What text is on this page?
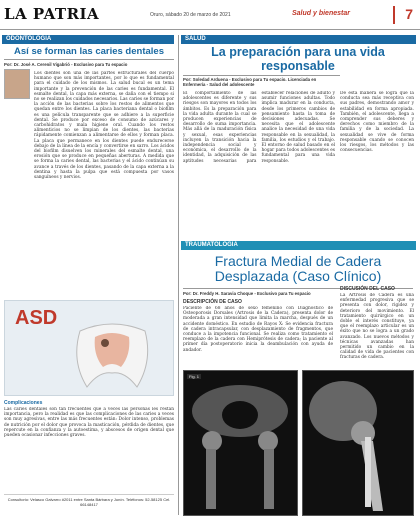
LA PATRIA	Oruro, sábado 20 de marzo de 2021	Salud y bienestar	7
ODONTOLOGIA
Así se forman las caries dentales
Por: Dr. José A. Cerenil Vigabrió - Exclusivo para Tu espacio
Los dientes son una de las partes estructurales del cuerpo humano que son más importantes, por lo que es fundamental para el cuidado de los mismos. La salud bucal es un tema importante y la prevención de las caries es fundamental. El esmalte dental, la capa más externa, se daña con el tiempo si no se realizan los cuidados necesarios. Las caries se forman por la acción de las bacterias sobre los restos de alimentos que quedan entre los dientes. La placa bacteriana dental o biofilm es una película transparente que se adhiere a la superficie dental. Se produce por exceso de consumo de azúcares y carbohidratos y mala higiene oral. Cuando los restos alimenticios no se limpian de los dientes, las bacterias rápidamente comienzan a alimentarse de ellos y forman placa. La placa que permanece en los dientes puede endurecerse debajo de la línea de la encía y convertirse en sarro. Los ácidos del biofilm disuelven los minerales del esmalte dental, una erosión que se produce en pequeñas aberturas. A medida que se forma la caries dental, las bacterias y el ácido continúan su avance a través de los dientes, pasando de la capa externa a la dentina y hasta la pulpa que está compuesta por vasos sanguíneos y nervios.
ASD
Complicaciones
Las caries dentales son tan frecuentes que a veces las personas les restan importancia, pero la realidad es que las complicaciones de las caries a veces son muy agresivas, entre las más frecuentes están: Dolor intenso, problemas de nutrición por el dolor que provoca la masticación, pérdida de dientes, que repercute en la confianza y la autoestima, y abscesos de origen dental que pueden ocasionar infecciones graves.
Consultorio: Velasco Galvarro #2011 entre Santa Bárbara y Junín. Teléfonos: 52-58125 Cel. 66148417
SALUD
La preparación para una vida responsable
Por: Soledad Arduena - Exclusivo para Tu espacio. Licenciada en Enfermería - Salud del adolescente
El comportamiento de las adolescentes es diferente y sus riesgos son mayores en todos los ámbitos. Es la preparación para la vida adulta durante la cual se producen experiencias de desarrollo de suma importancia. Más allá de la maduración física y sexual, esas experiencias incluyen la transición hacia la independencia social y económica, el desarrollo de la identidad, la adquisición de las aptitudes necesarias para establecer relaciones de adulto y asumir funciones adultas. Todo implica madurar en la conducta, desde los primeros cambios de pensamiento hasta la toma de decisiones adecuadas. Se necesita que el adolescente analice la necesidad de una vida responsable en la sexualidad, la familia, los estudios y el trabajo. El entorno de salud basado en el hogar para todos adolescentes es fundamental para una vida responsable.
De esta manera se logra que la conducta sea más receptiva con sus padres, demostrando amor y estabilidad en forma apropiada. También, el adolescente, llega a comprender sus deberes y derechos como miembro de la familia y de la sociedad. La sexualidad se vive de forma responsable cuando se conocen los riesgos, los métodos y las consecuencias.
TRAUMATOLOGIA
Fractura Medial de Cadera
Desplazada (Caso Clínico)
Por: Dr. Freddy H. Saravia Choque - Exclusivo para Tu espacio
DESCRIPCIÓN DE CASO
Paciente de 68 años de sexo femenino con Diagnóstico de Osteoporosis Dorsales (Artrosis de la Cadera), presenta dolor de moderada a gran intensidad que limita la marcha, después de un accidente doméstico. En estudio de Rayos X: Se evidencia fractura de cadera intracapsular, con desplazamiento de fragmentos, que conduce a la impotencia funcional. Se realiza como tratamiento el reemplazo de la cadera con Hemiprótesis de cadera; la paciente al primer día postoperatorio inicia la deambulación con ayuda de andador.
DISCUSIÓN DEL CASO
La Artrosis de Cadera es una enfermedad progresiva que se presenta con dolor, rigidez y deterioro del movimiento. El tratamiento quirúrgico en un doble el interés constituye, ya que el reemplazo articular es un éxito que no se logra a un grado avanzado. Los nuevos métodos y técnicas avanzadas han permitido un cambio en la calidad de vida de pacientes con fracturas de cadera.
Fig. 1
